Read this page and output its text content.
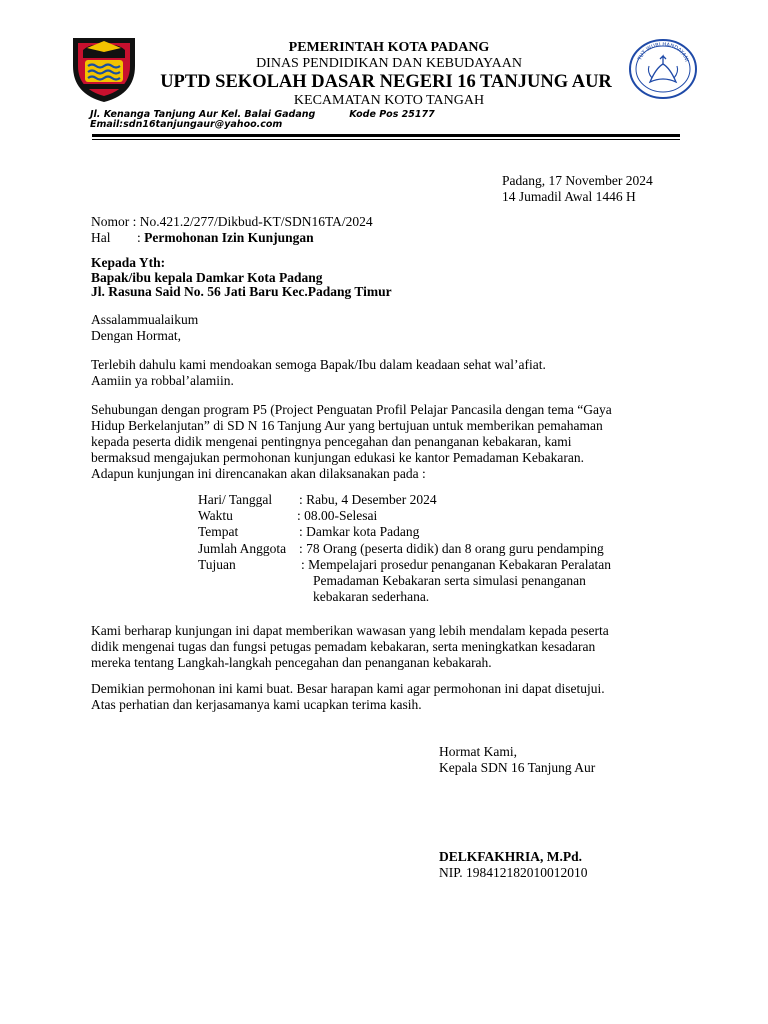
TUT WURI HANDAYANI
PEMERINTAH KOTA PADANG
DINAS PENDIDIKAN DAN KEBUDAYAAN
UPTD SEKOLAH DASAR NEGERI 16 TANJUNG AUR
KECAMATAN KOTO TANGAH
Jl. Kenanga Tanjung Aur Kel. Balai Gadang	Kode Pos 25177
Email:sdn16tanjungaur@yahoo.com
Padang, 17 November 2024
14 Jumadil Awal 1446 H
Nomor : No.421.2/277/Dikbud-KT/SDN16TA/2024
Hal : Permohonan Izin Kunjungan
Kepada Yth:
Bapak/ibu kepala Damkar Kota Padang
Jl. Rasuna Said No. 56 Jati Baru Kec.Padang Timur
Assalammualaikum
Dengan Hormat,
Terlebih dahulu kami mendoakan semoga Bapak/Ibu dalam keadaan sehat wal’afiat.
Aamiin ya robbal’alamiin.
Sehubungan dengan program P5 (Project Penguatan Profil Pelajar Pancasila dengan tema “Gaya
Hidup Berkelanjutan” di SD N 16 Tanjung Aur yang bertujuan untuk memberikan pemahaman
kepada peserta didik mengenai pentingnya pencegahan dan penanganan kebakaran, kami
bermaksud mengajukan permohonan kunjungan edukasi ke kantor Pemadaman Kebakaran.
Adapun kunjungan ini direncanakan akan dilaksanakan pada :
Hari/ Tanggal	: Rabu, 4 Desember 2024
Waktu	: 08.00-Selesai
Tempat	: Damkar kota Padang
Jumlah Anggota	: 78 Orang (peserta didik) dan 8 orang guru pendamping
Tujuan	: Mempelajari prosedur penanganan Kebakaran Peralatan
Pemadaman Kebakaran serta simulasi penanganan
kebakaran sederhana.
Kami berharap kunjungan ini dapat memberikan wawasan yang lebih mendalam kepada peserta
didik mengenai tugas dan fungsi petugas pemadam kebakaran, serta meningkatkan kesadaran
mereka tentang Langkah-langkah pencegahan dan penanganan kebakarah.
Demikian permohonan ini kami buat. Besar harapan kami agar permohonan ini dapat disetujui.
Atas perhatian dan kerjasamanya kami ucapkan terima kasih.
Hormat Kami,
Kepala SDN 16 Tanjung Aur
DELKFAKHRIA, M.Pd.
NIP. 198412182010012010
